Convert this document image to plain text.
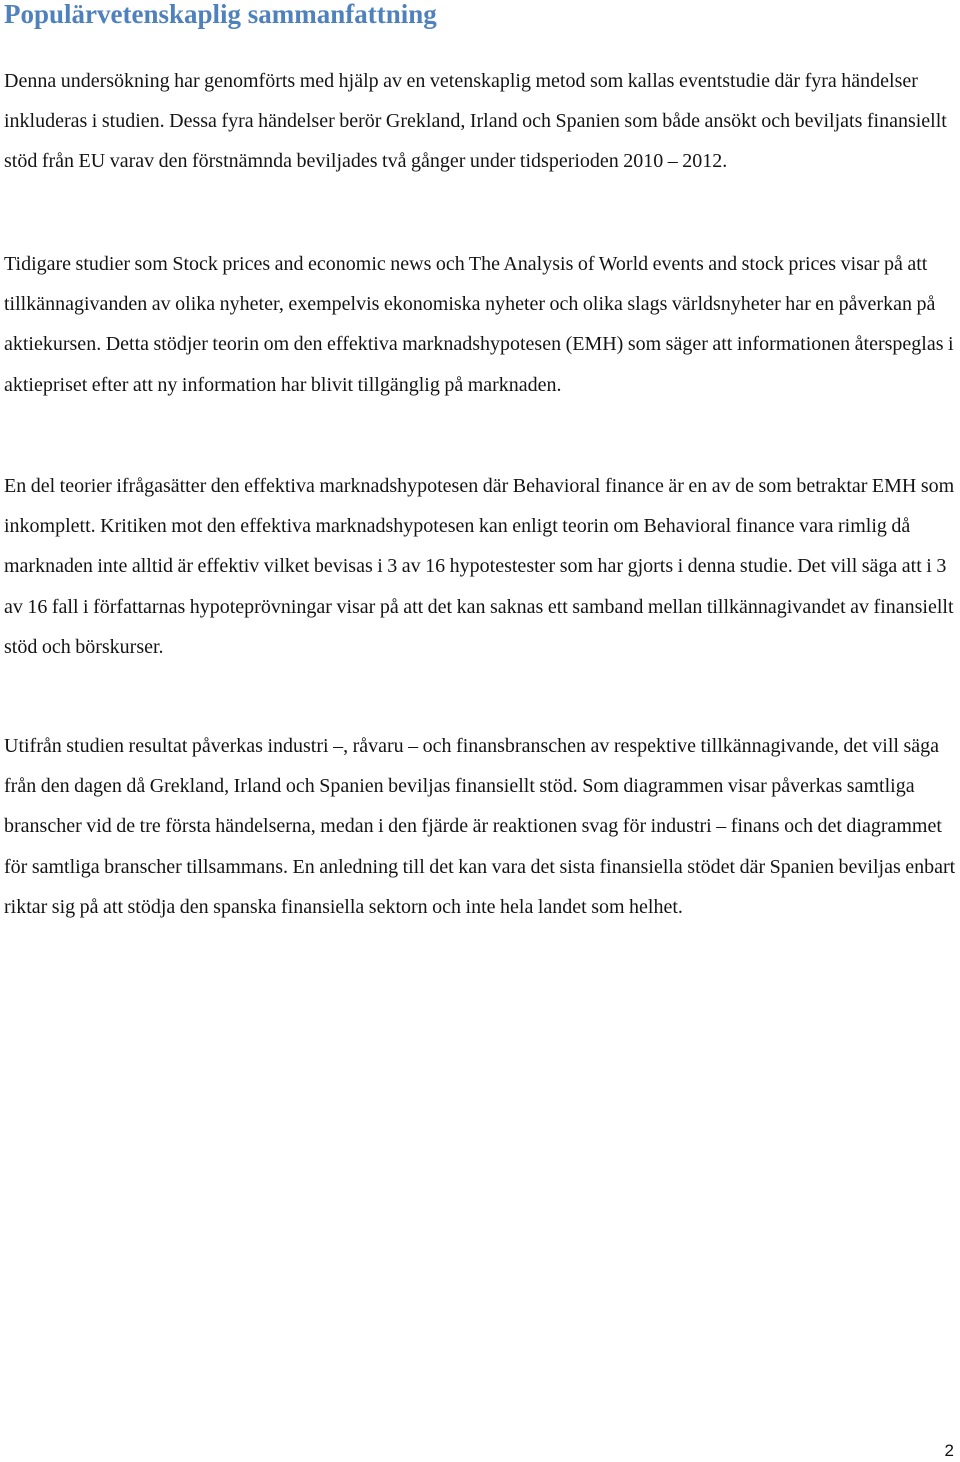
Populärvetenskaplig sammanfattning

Denna undersökning har genomförts med hjälp av en vetenskaplig metod som kallas eventstudie där fyra händelser inkluderas i studien. Dessa fyra händelser berör Grekland, Irland och Spanien som både ansökt och beviljats finansiellt stöd från EU varav den förstnämnda beviljades två gånger under tidsperioden 2010 – 2012.

Tidigare studier som Stock prices and economic news och The Analysis of World events and stock prices visar på att tillkännagivanden av olika nyheter, exempelvis ekonomiska nyheter och olika slags världsnyheter har en påverkan på aktiekursen. Detta stödjer teorin om den effektiva marknadshypotesen (EMH) som säger att informationen återspeglas i aktiepriset efter att ny information har blivit tillgänglig på marknaden.

En del teorier ifrågasätter den effektiva marknadshypotesen där Behavioral finance är en av de som betraktar EMH som inkomplett. Kritiken mot den effektiva marknadshypotesen kan enligt teorin om Behavioral finance vara rimlig då marknaden inte alltid är effektiv vilket bevisas i 3 av 16 hypotestester som har gjorts i denna studie. Det vill säga att i 3 av 16 fall i författarnas hypoteprövningar visar på att det kan saknas ett samband mellan tillkännagivandet av finansiellt stöd och börskurser.

Utifrån studien resultat påverkas industri –, råvaru – och finansbranschen av respektive tillkännagivande, det vill säga från den dagen då Grekland, Irland och Spanien beviljas finansiellt stöd. Som diagrammen visar påverkas samtliga branscher vid de tre första händelserna, medan i den fjärde är reaktionen svag för industri – finans och det diagrammet för samtliga branscher tillsammans. En anledning till det kan vara det sista finansiella stödet där Spanien beviljas enbart riktar sig på att stödja den spanska finansiella sektorn och inte hela landet som helhet.

2
